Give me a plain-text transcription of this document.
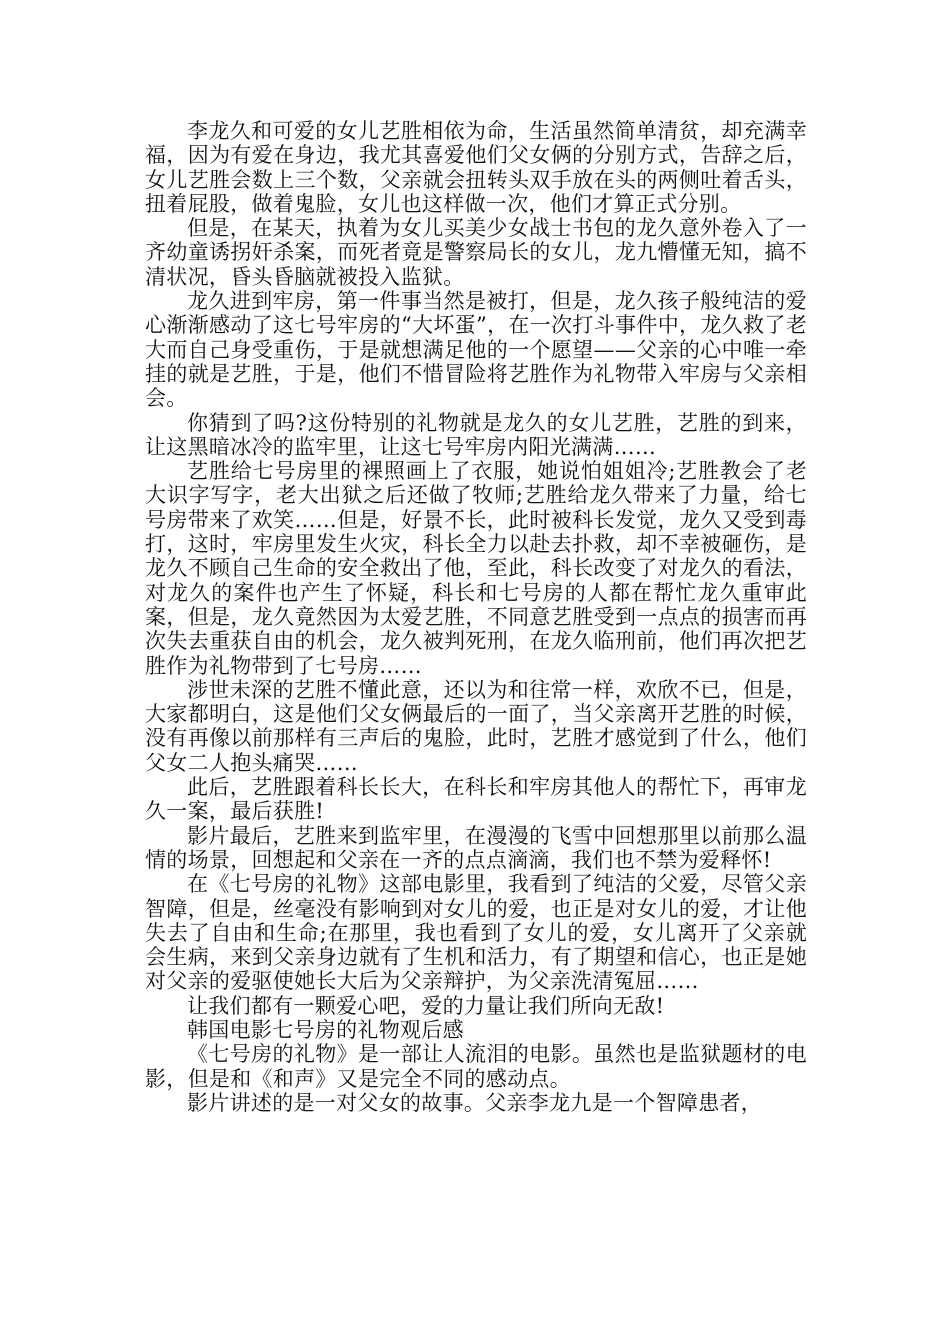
李龙久和可爱的女儿艺胜相依为命，生活虽然简单清贫，却充满幸福，因为有爱在身边，我尤其喜爱他们父女俩的分别方式，告辞之后，女儿艺胜会数上三个数，父亲就会扭转头双手放在头的两侧吐着舌头，扭着屁股，做着鬼脸，女儿也这样做一次，他们才算正式分别。

但是，在某天，执着为女儿买美少女战士书包的龙久意外卷入了一齐幼童诱拐奸杀案，而死者竟是警察局长的女儿，龙九懵懂无知，搞不清状况，昏头昏脑就被投入监狱。

龙久进到牢房，第一件事当然是被打，但是，龙久孩子般纯洁的爱心渐渐感动了这七号牢房的“大坏蛋”，在一次打斗事件中，龙久救了老大而自己身受重伤，于是就想满足他的一个愿望——父亲的心中唯一牵挂的就是艺胜，于是，他们不惜冒险将艺胜作为礼物带入牢房与父亲相会。

你猜到了吗?这份特别的礼物就是龙久的女儿艺胜，艺胜的到来，让这黑暗冰冷的监牢里，让这七号牢房内阳光满满……

艺胜给七号房里的裸照画上了衣服，她说怕姐姐冷;艺胜教会了老大识字写字，老大出狱之后还做了牧师;艺胜给龙久带来了力量，给七号房带来了欢笑……但是，好景不长，此时被科长发觉，龙久又受到毒打，这时，牢房里发生火灾，科长全力以赴去扑救，却不幸被砸伤，是龙久不顾自己生命的安全救出了他，至此，科长改变了对龙久的看法，对龙久的案件也产生了怀疑，科长和七号房的人都在帮忙龙久重审此案，但是，龙久竟然因为太爱艺胜，不同意艺胜受到一点点的损害而再次失去重获自由的机会，龙久被判死刑，在龙久临刑前，他们再次把艺胜作为礼物带到了七号房……

涉世未深的艺胜不懂此意，还以为和往常一样，欢欣不已，但是，大家都明白，这是他们父女俩最后的一面了，当父亲离开艺胜的时候，没有再像以前那样有三声后的鬼脸，此时，艺胜才感觉到了什么，他们父女二人抱头痛哭……

此后，艺胜跟着科长长大，在科长和牢房其他人的帮忙下，再审龙久一案，最后获胜!

影片最后，艺胜来到监牢里，在漫漫的飞雪中回想那里以前那么温情的场景，回想起和父亲在一齐的点点滴滴，我们也不禁为爱释怀!

在《七号房的礼物》这部电影里，我看到了纯洁的父爱，尽管父亲智障，但是，丝毫没有影响到对女儿的爱，也正是对女儿的爱，才让他失去了自由和生命;在那里，我也看到了女儿的爱，女儿离开了父亲就会生病，来到父亲身边就有了生机和活力，有了期望和信心，也正是她对父亲的爱驱使她长大后为父亲辩护，为父亲洗清冤屈……

让我们都有一颗爱心吧，爱的力量让我们所向无敌!

韩国电影七号房的礼物观后感

《七号房的礼物》是一部让人流泪的电影。虽然也是监狱题材的电影，但是和《和声》又是完全不同的感动点。

影片讲述的是一对父女的故事。父亲李龙九是一个智障患者，
